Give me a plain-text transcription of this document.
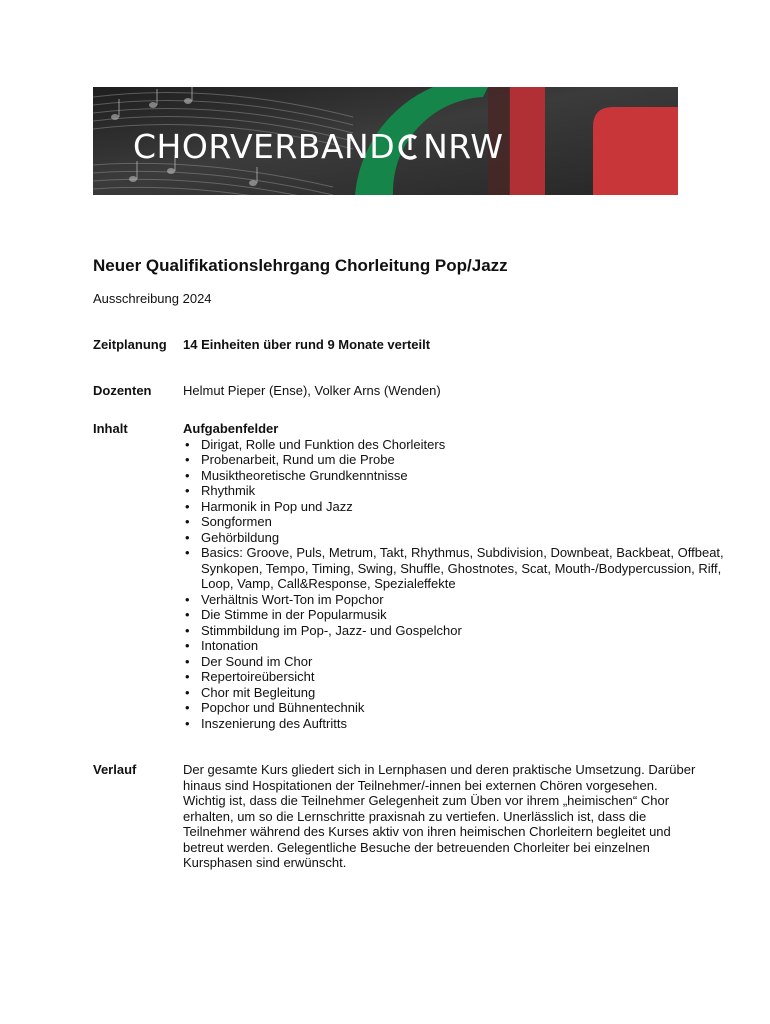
CHORVERBAND NRW
Neuer Qualifikationslehrgang Chorleitung Pop/Jazz
Ausschreibung 2024
Zeitplanung 14 Einheiten über rund 9 Monate verteilt
Dozenten Helmut Pieper (Ense), Volker Arns (Wenden)
Inhalt	Aufgabenfelder
• Dirigat, Rolle und Funktion des Chorleiters
• Probenarbeit, Rund um die Probe
• Musiktheoretische Grundkenntnisse
• Rhythmik
• Harmonik in Pop und Jazz
• Songformen
• Gehörbildung
• Basics: Groove, Puls, Metrum, Takt, Rhythmus, Subdivision, Downbeat, Backbeat, Offbeat, Synkopen, Tempo, Timing, Swing, Shuffle, Ghostnotes, Scat, Mouth-/Bodypercussion, Riff, Loop, Vamp, Call&Response, Spezialeffekte
• Verhältnis Wort-Ton im Popchor
• Die Stimme in der Popularmusik
• Stimmbildung im Pop-, Jazz- und Gospelchor
• Intonation
• Der Sound im Chor
• Repertoireübersicht
• Chor mit Begleitung
• Popchor und Bühnentechnik
• Inszenierung des Auftritts
Verlauf	Der gesamte Kurs gliedert sich in Lernphasen und deren praktische Umsetzung. Darüber hinaus sind Hospitationen der Teilnehmer/-innen bei externen Chören vorgesehen.

Wichtig ist, dass die Teilnehmer Gelegenheit zum Üben vor ihrem „heimischen“ Chor erhalten, um so die Lernschritte praxisnah zu vertiefen. Unerlässlich ist, dass die Teilnehmer während des Kurses aktiv von ihren heimischen Chorleitern begleitet und betreut werden. Gelegentliche Besuche der betreuenden Chorleiter bei einzelnen Kursphasen sind erwünscht.
